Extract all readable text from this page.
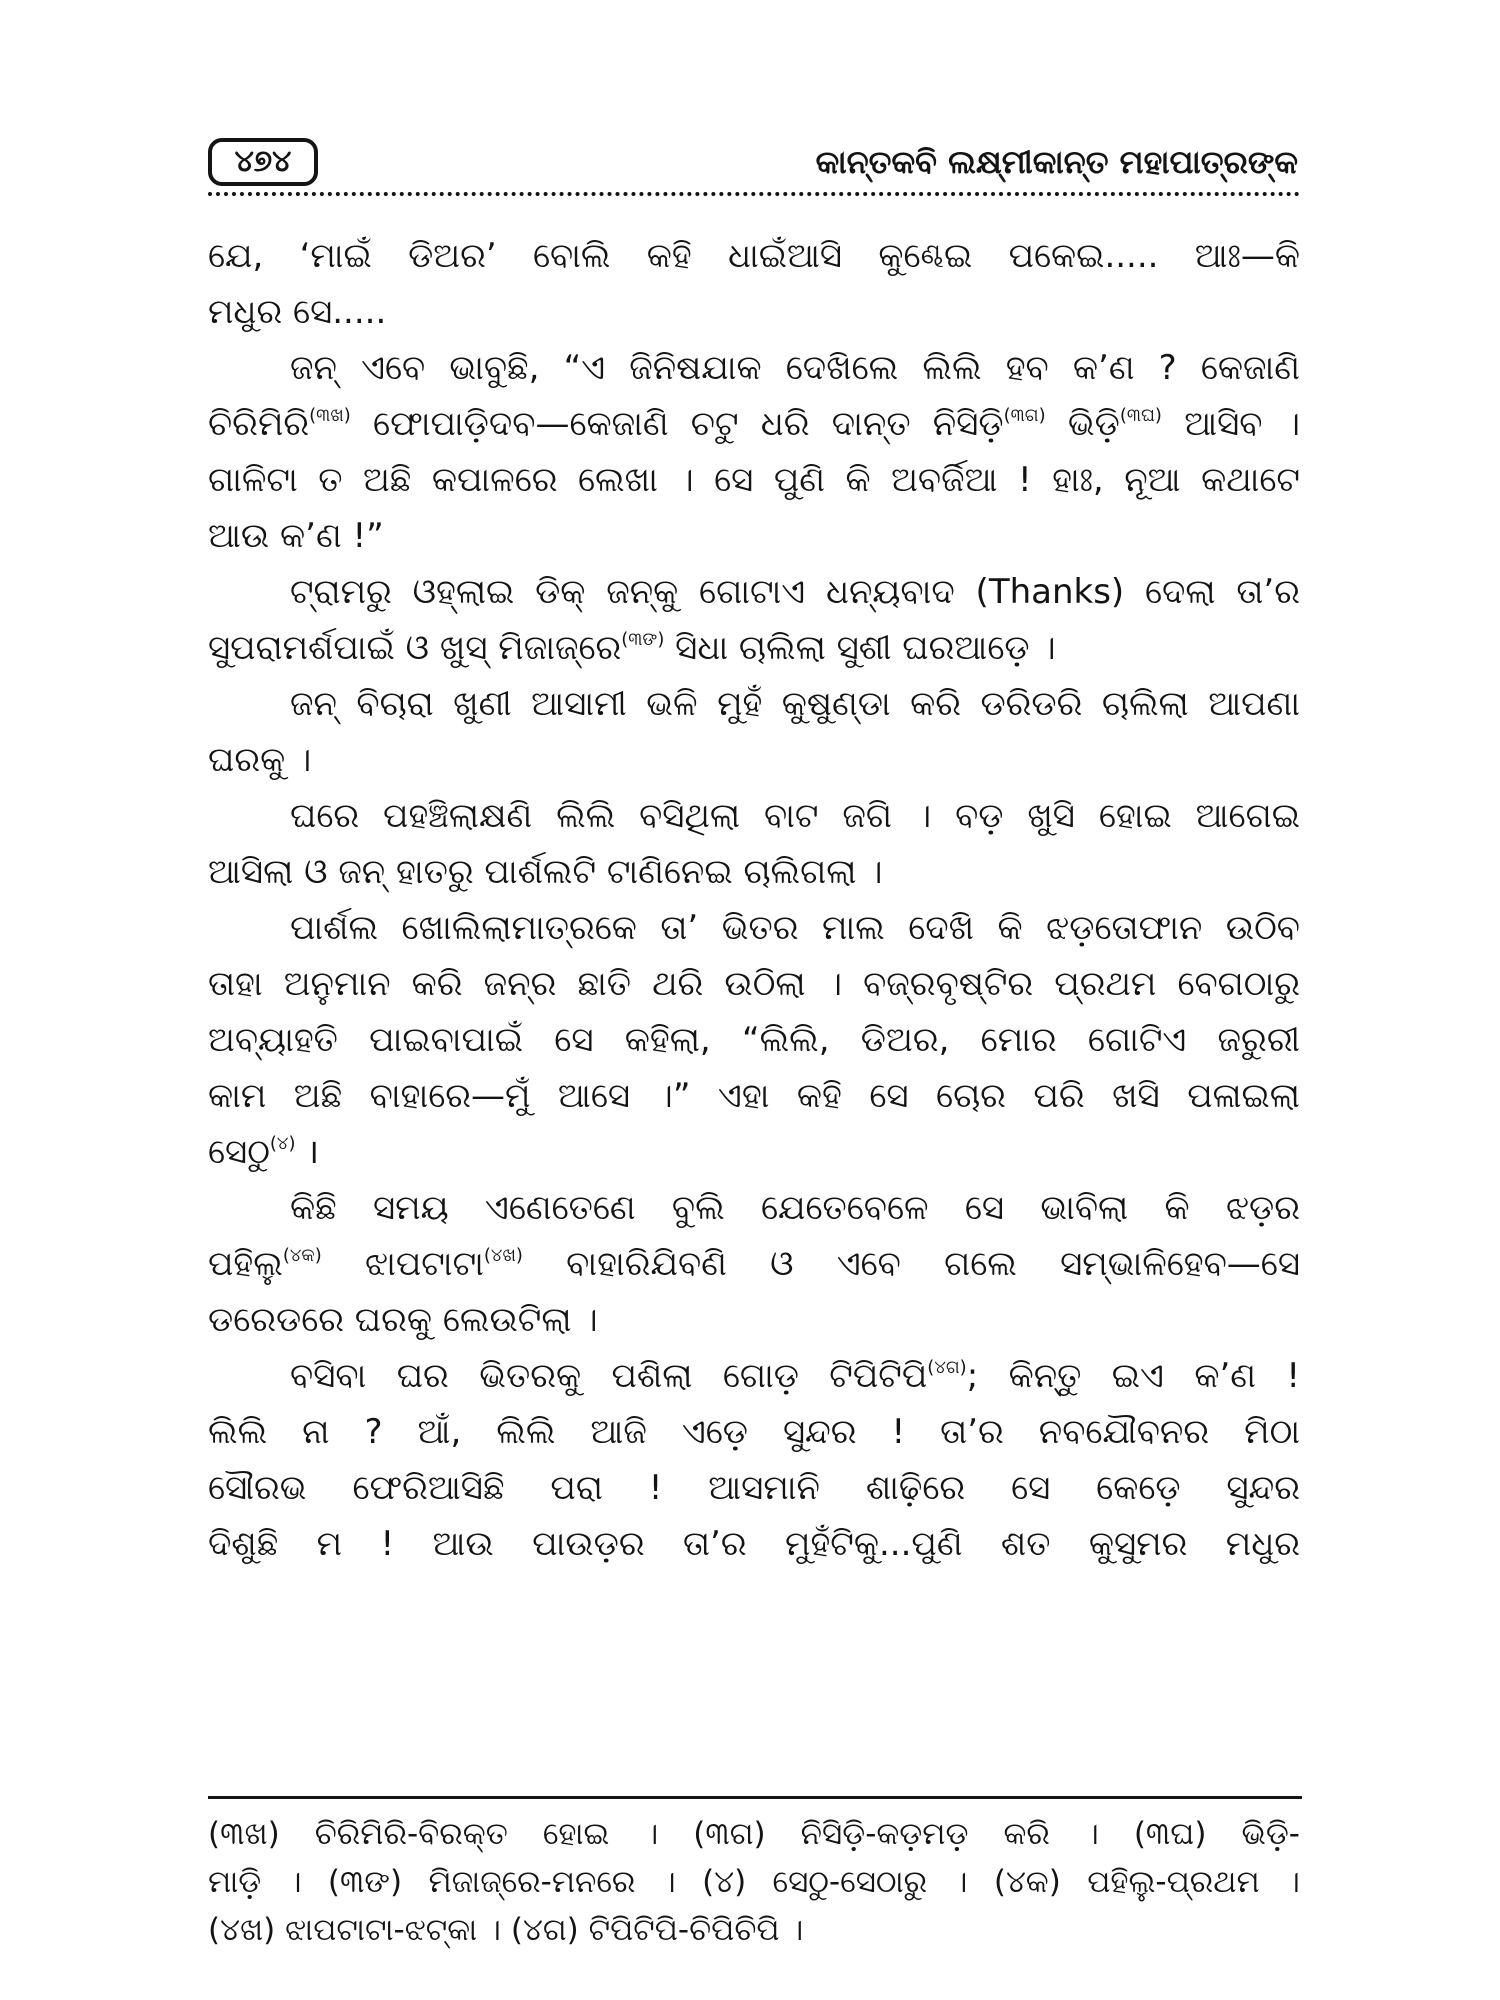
୪୭୪	କାନ୍ତକବି ଲକ୍ଷ୍ମୀକାନ୍ତ ମହାପାତ୍ରଙ୍କ
ଯେ, ‘ମାଇଁ ଡିଅର’ ବୋଲି କହି ଧାଇଁଆସି କୁଣ୍ଢେଇ ପକେଇ..... ଆଃ—କି
ମଧୁର ସେ.....
ଜନ୍ ଏବେ ଭାବୁଛି, “ଏ ଜିନିଷଯାକ ଦେଖିଲେ ଲିଲି ହବ କ’ଣ ? କେଜାଣି
ଚିରିମିରି$^{(୩ଖ)}$ ଫୋପାଡ଼ିଦବ—କେଜାଣି ଚଟୁ ଧରି ଦାନ୍ତ ନିସିଡ଼ି$^{(୩ଗ)}$ ଭିଡ଼ି$^{(୩ଘ)}$ ଆସିବ ।
ଗାଳିଟା ତ ଅଛି କପାଳରେ ଲେଖା । ସେ ପୁଣି କି ଅବର୍ଜିଆ ! ହାଃ, ନୂଆ କଥାଟେ
ଆଉ କ’ଣ !”
ଟ୍ରାମରୁ ଓହ୍ଲାଇ ଡିକ୍ ଜନ୍‌କୁ ଗୋଟାଏ ଧନ୍ୟବାଦ (Thanks) ଦେଲା ତା’ର
ସୁପରାମର୍ଶପାଇଁ ଓ ଖୁସ୍ ମିଜାଜ୍‌ରେ$^{(୩ଙ)}$ ସିଧା ଚାଲିଲା ସୁଶୀ ଘରଆଡ଼େ ।
ଜନ୍ ବିଚାରା ଖୁଣୀ ଆସାମୀ ଭଳି ମୁହଁ କୁଷୁଣ୍ଡା କରି ଡରିଡରି ଚାଲିଲା ଆପଣା
ଘରକୁ ।
ଘରେ ପହଞ୍ଚିଲାକ୍ଷଣି ଲିଲି ବସିଥିଲା ବାଟ ଜଗି । ବଡ଼ ଖୁସି ହୋଇ ଆଗେଇ
ଆସିଲା ଓ ଜନ୍ ହାତରୁ ପାର୍ଶଲଟି ଟାଣିନେଇ ଚାଲିଗଲା ।
ପାର୍ଶଲ ଖୋଲିଲାମାତ୍ରକେ ତା’ ଭିତର ମାଲ ଦେଖି କି ଝଡ଼ତୋଫାନ ଉଠିବ
ତାହା ଅନୁମାନ କରି ଜନ୍‌ର ଛାତି ଥରି ଉଠିଲା । ବଜ୍ରବୃଷ୍ଟିର ପ୍ରଥମ ବେଗଠାରୁ
ଅବ୍ୟାହତି ପାଇବାପାଇଁ ସେ କହିଲା, “ଲିଲି, ଡିଅର, ମୋର ଗୋଟିଏ ଜରୁରୀ
କାମ ଅଛି ବାହାରେ—ମୁଁ ଆସେ ।” ଏହା କହି ସେ ଚୋର ପରି ଖସି ପଳାଇଲା
ସେଠୁ$^{(୪)}$ ।
କିଛି ସମୟ ଏଣେତେଣେ ବୁଲି ଯେତେବେଳେ ସେ ଭାବିଲା କି ଝଡ଼ର
ପହିଲୁ$^{(୪କ)}$ ଝାପଟାଟା$^{(୪ଖ)}$ ବାହାରିଯିବଣି ଓ ଏବେ ଗଲେ ସମ୍ଭାଳିହେବ—ସେ
ଡରେଡରେ ଘରକୁ ଲେଉଟିଲା ।
ବସିବା ଘର ଭିତରକୁ ପଶିଲା ଗୋଡ଼ ଟିପିଟିପି$^{(୪ଗ)}$; କିନ୍ତୁ ଇଏ କ’ଣ !
ଲିଲି ନା ? ଆଁ, ଲିଲି ଆଜି ଏଡ଼େ ସୁନ୍ଦର ! ତା’ର ନବଯୌବନର ମିଠା
ସୌରଭ ଫେରିଆସିଛି ପରା ! ଆସମାନି ଶାଢ଼ିରେ ସେ କେଡ଼େ ସୁନ୍ଦର
ଦିଶୁଛି ମ ! ଆଉ ପାଉଡ଼ର ତା’ର ମୁହଁଟିକୁ...ପୁଣି ଶତ କୁସୁମର ମଧୁର
(୩ଖ) ଚିରିମିରି-ବିରକ୍ତ ହୋଇ । (୩ଗ) ନିସିଡ଼ି-କଡ଼ମଡ଼ କରି । (୩ଘ) ଭିଡ଼ି-
ମାଡ଼ି । (୩ଙ) ମିଜାଜ୍‌ରେ-ମନରେ । (୪) ସେଠୁ-ସେଠାରୁ । (୪କ) ପହିଲୁ-ପ୍ରଥମ ।
(୪ଖ) ଝାପଟାଟା-ଝଟ୍‌କା । (୪ଗ) ଟିପିଟିପି-ଚିପିଚିପି ।
